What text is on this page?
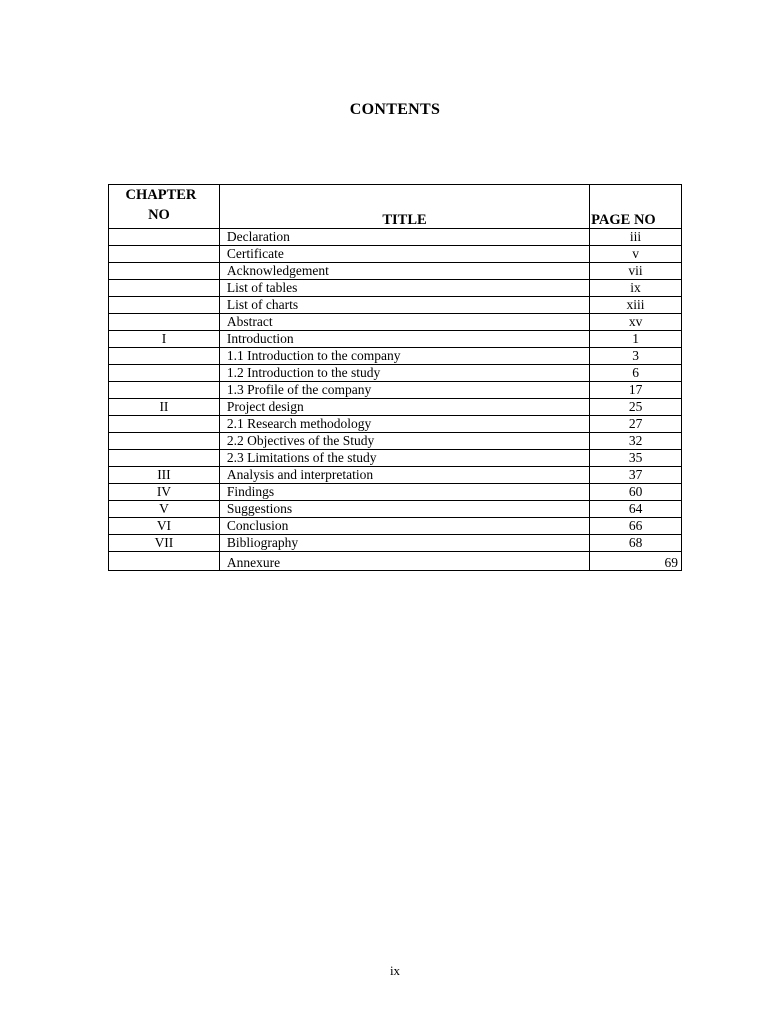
CONTENTS
CHAPTER
NO	TITLE	PAGE NO
	Declaration	iii
	Certificate	v
	Acknowledgement	vii
	List of tables	ix
	List of charts	xiii
	Abstract	xv
I	Introduction	1
	1.1 Introduction to the company	3
	1.2 Introduction to the study	6
	1.3 Profile of the company	17
II	Project design	25
	2.1 Research methodology	27
	2.2 Objectives of the Study	32
	2.3 Limitations of the study	35
III	Analysis and interpretation	37
IV	Findings	60
V	Suggestions	64
VI	Conclusion	66
VII	Bibliography	68
	Annexure	69
ix
